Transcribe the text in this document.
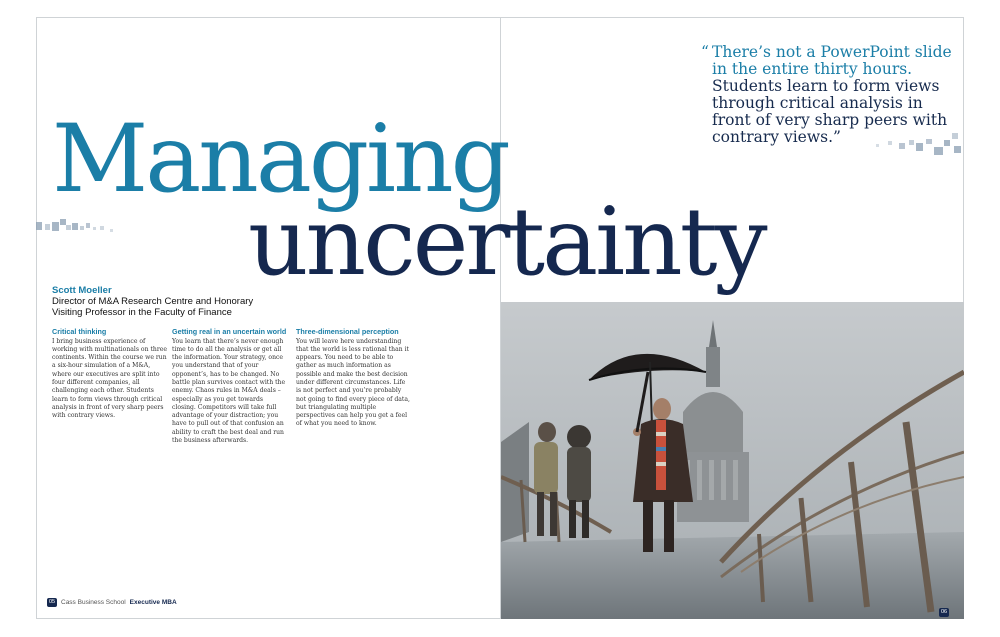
Managing
uncertainty
“ There’s not a PowerPoint slide in the entire thirty hours. Students learn to form views through critical analysis in front of very sharp peers with contrary views.”
Scott Moeller
Director of M&A Research Centre and Honorary
Visiting Professor in the Faculty of Finance
Critical thinking

I bring business experience of working with multinationals on three continents. Within the course we run a six-hour simulation of a M&A, where our executives are split into four different companies, all challenging each other. Students learn to form views through critical analysis in front of very sharp peers with contrary views.

Getting real in an uncertain world

You learn that there’s never enough time to do all the analysis or get all the information. Your strategy, once you understand that of your opponent’s, has to be changed. No battle plan survives contact with the enemy. Chaos rules in M&A deals – especially as you get towards closing. Competitors will take full advantage of your distraction; you have to pull out of that confusion an ability to craft the best deal and run the business afterwards.

Three-dimensional perception

You will leave here understanding that the world is less rational than it appears. You need to be able to gather as much information as possible and make the best decision under different circumstances. Life is not perfect and you’re probably not going to find every piece of data, but triangulating multiple perspectives can help you get a feel of what you need to know.

05 Cass Business School Executive MBA
06
